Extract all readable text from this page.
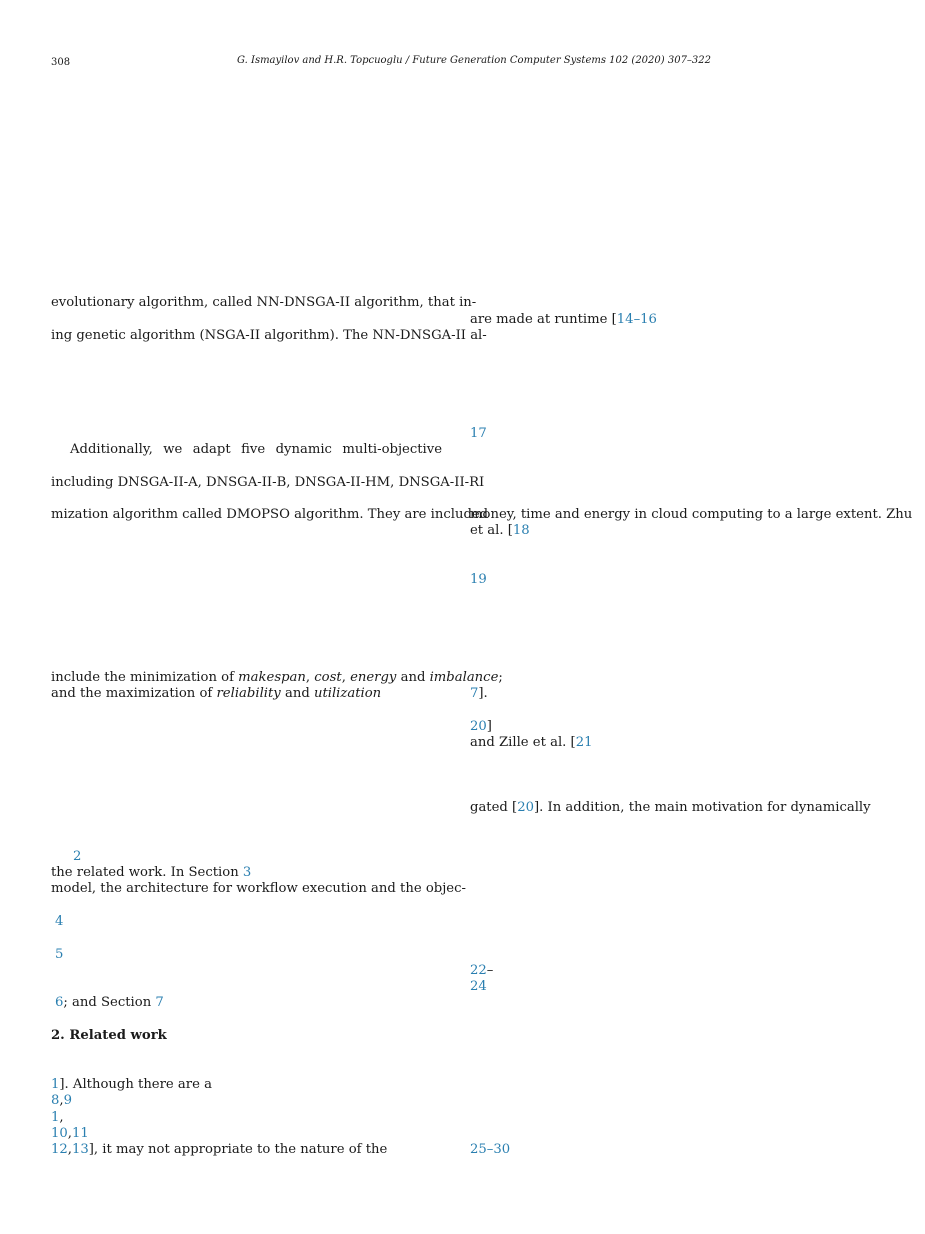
308	G. Ismayilov and H.R. Topcuoglu / Future Generation Computer Systems 102 (2020) 307–322
evolutionary algorithm, called NN-DNSGA-II algorithm, that in-
ing genetic algorithm (NSGA-II algorithm). The NN-DNSGA-II al-
Additionally, we adapt five dynamic multi-objective
including DNSGA-II-A, DNSGA-II-B, DNSGA-II-HM, DNSGA-II-RI
mization algorithm called DMOPSO algorithm. They are included
include the minimization of makespan, cost, energy and imbalance;
and the maximization of reliability and utilization
2
the related work. In Section 3
model, the architecture for workflow execution and the objec-
4
5
6; and Section 7
2. Related work
1]. Although there are a
8,9
1,
10,11
12,13], it may not appropriate to the nature of the
are made at runtime [14–16
17
money, time and energy in cloud computing to a large extent. Zhu
et al. [18
19
7].
20]
and Zille et al. [21
gated [20]. In addition, the main motivation for dynamically
22–
24
25–30
